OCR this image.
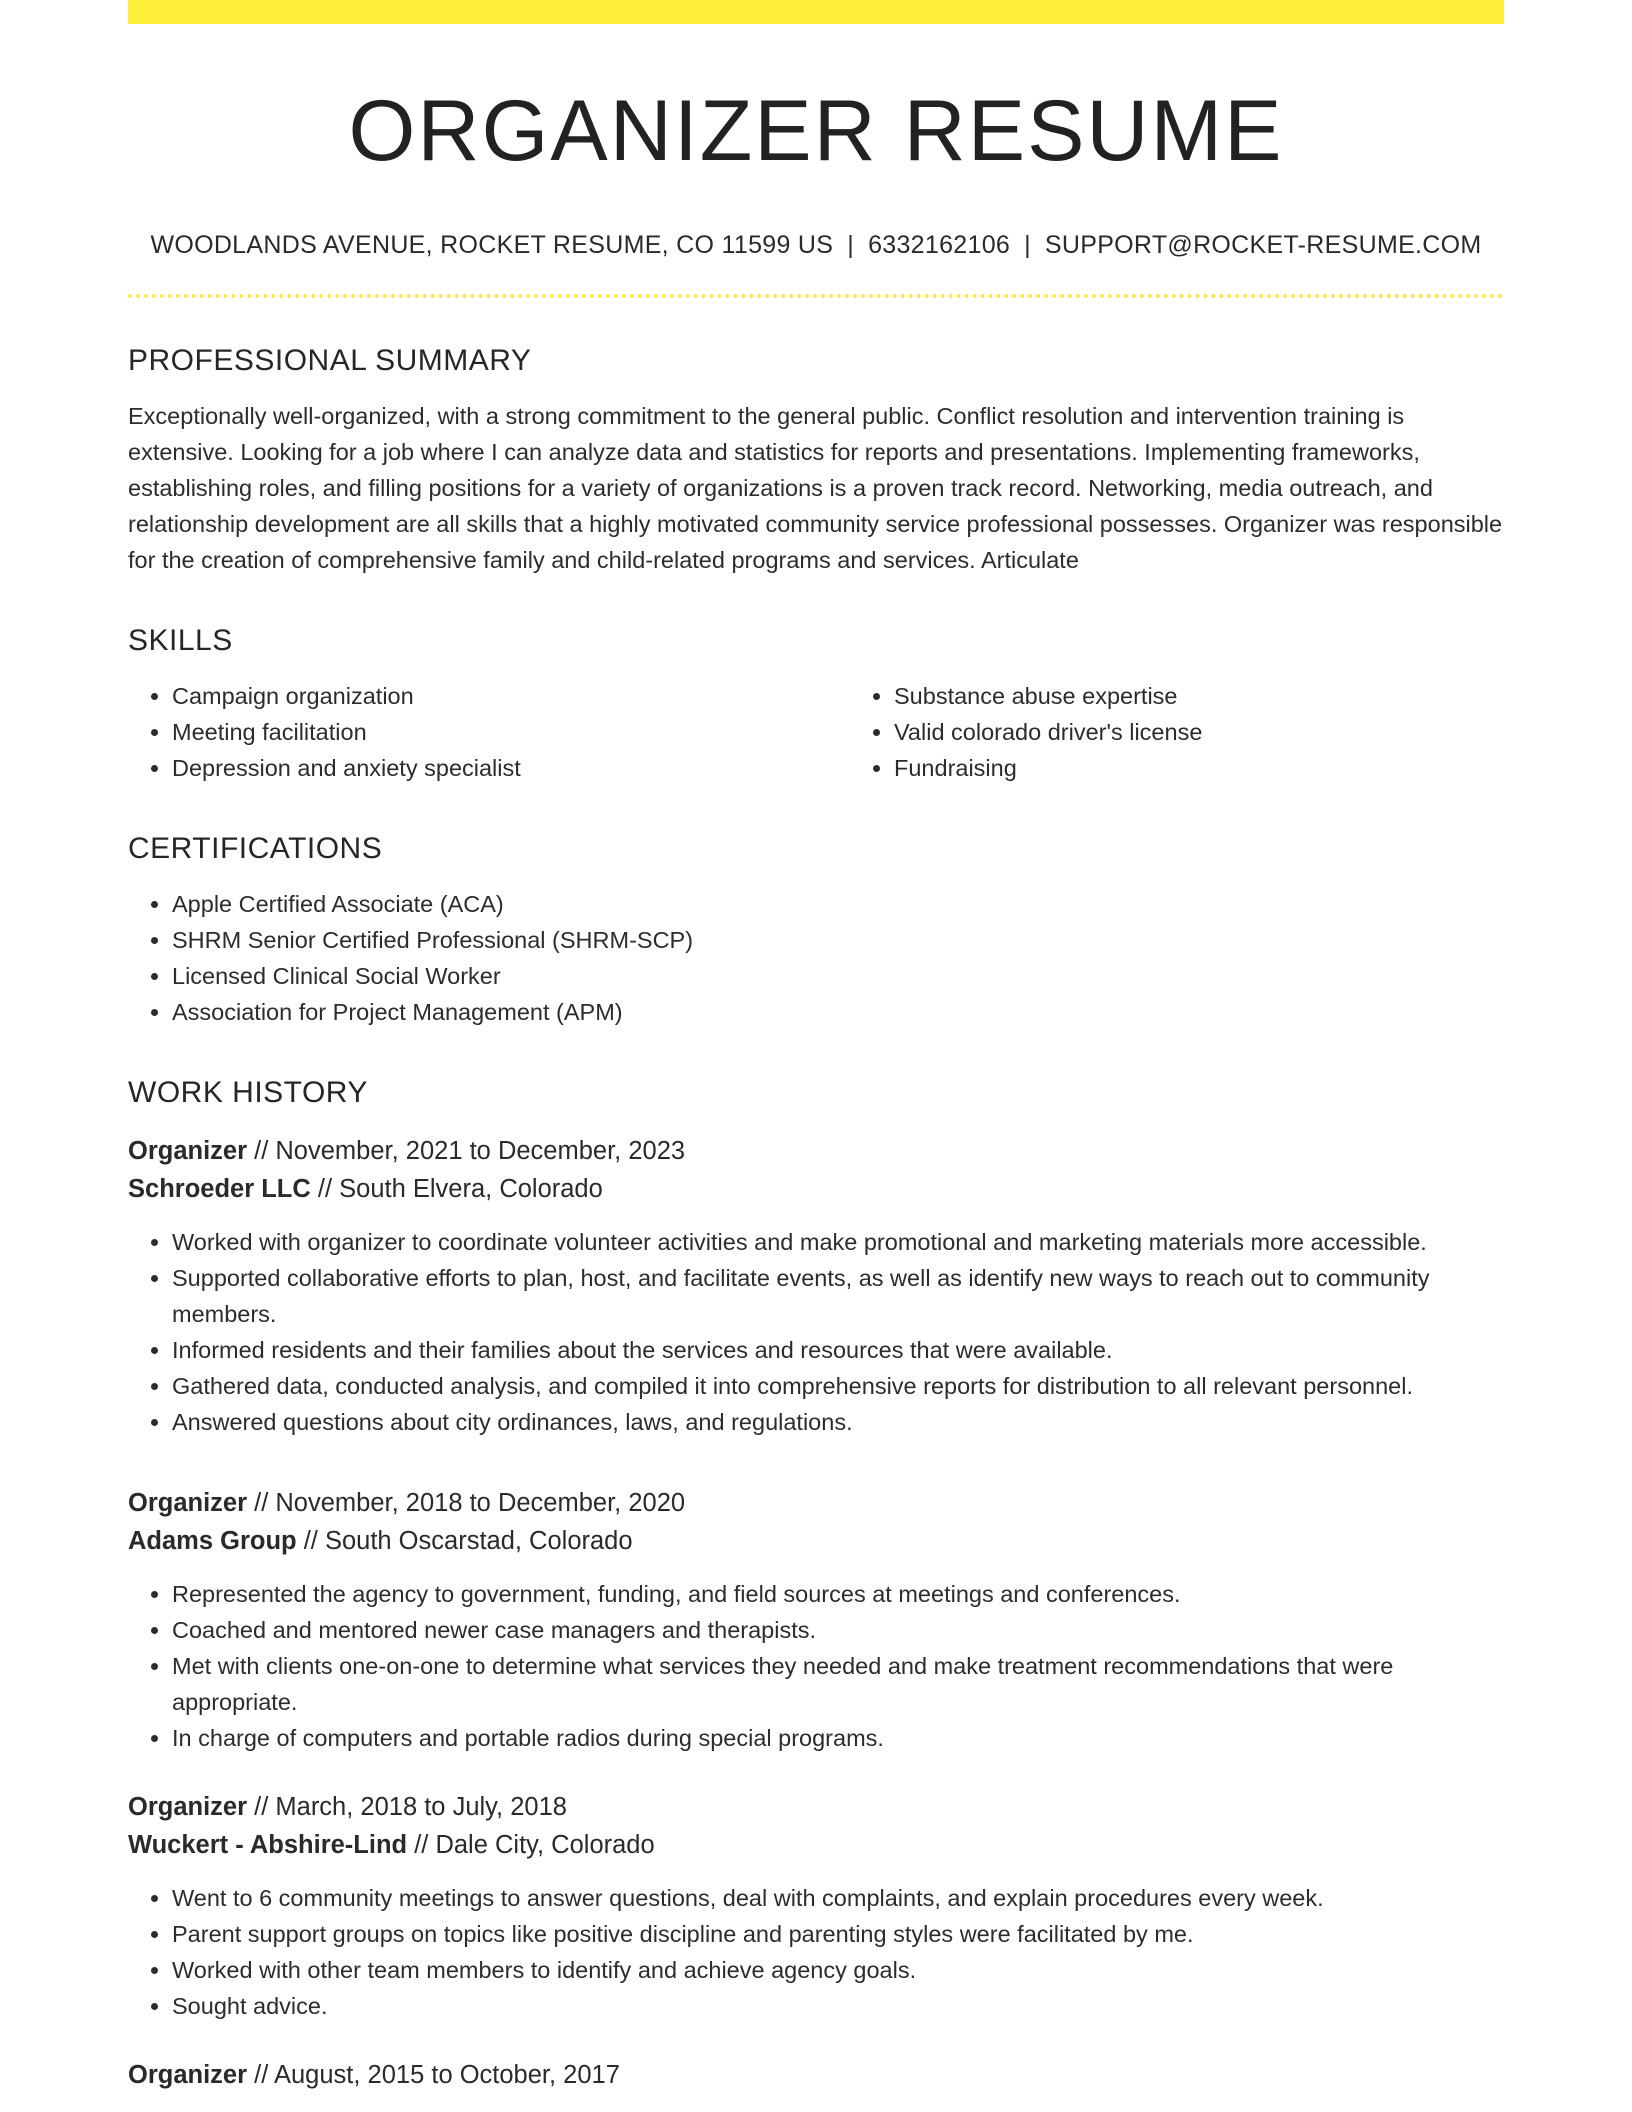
ORGANIZER RESUME
WOODLANDS AVENUE, ROCKET RESUME, CO 11599 US | 6332162106 | SUPPORT@ROCKET-RESUME.COM
PROFESSIONAL SUMMARY
Exceptionally well-organized, with a strong commitment to the general public. Conflict resolution and intervention training is extensive. Looking for a job where I can analyze data and statistics for reports and presentations. Implementing frameworks, establishing roles, and filling positions for a variety of organizations is a proven track record. Networking, media outreach, and relationship development are all skills that a highly motivated community service professional possesses. Organizer was responsible for the creation of comprehensive family and child-related programs and services. Articulate
SKILLS
• Campaign organization
• Meeting facilitation
• Depression and anxiety specialist
• Substance abuse expertise
• Valid colorado driver's license
• Fundraising
CERTIFICATIONS
• Apple Certified Associate (ACA)
• SHRM Senior Certified Professional (SHRM-SCP)
• Licensed Clinical Social Worker
• Association for Project Management (APM)
WORK HISTORY
Organizer // November, 2021 to December, 2023
Schroeder LLC // South Elvera, Colorado
• Worked with organizer to coordinate volunteer activities and make promotional and marketing materials more accessible.
• Supported collaborative efforts to plan, host, and facilitate events, as well as identify new ways to reach out to community members.
• Informed residents and their families about the services and resources that were available.
• Gathered data, conducted analysis, and compiled it into comprehensive reports for distribution to all relevant personnel.
• Answered questions about city ordinances, laws, and regulations.
Organizer // November, 2018 to December, 2020
Adams Group // South Oscarstad, Colorado
• Represented the agency to government, funding, and field sources at meetings and conferences.
• Coached and mentored newer case managers and therapists.
• Met with clients one-on-one to determine what services they needed and make treatment recommendations that were appropriate.
• In charge of computers and portable radios during special programs.
Organizer // March, 2018 to July, 2018
Wuckert - Abshire-Lind // Dale City, Colorado
• Went to 6 community meetings to answer questions, deal with complaints, and explain procedures every week.
• Parent support groups on topics like positive discipline and parenting styles were facilitated by me.
• Worked with other team members to identify and achieve agency goals.
• Sought advice.
Organizer // August, 2015 to October, 2017
